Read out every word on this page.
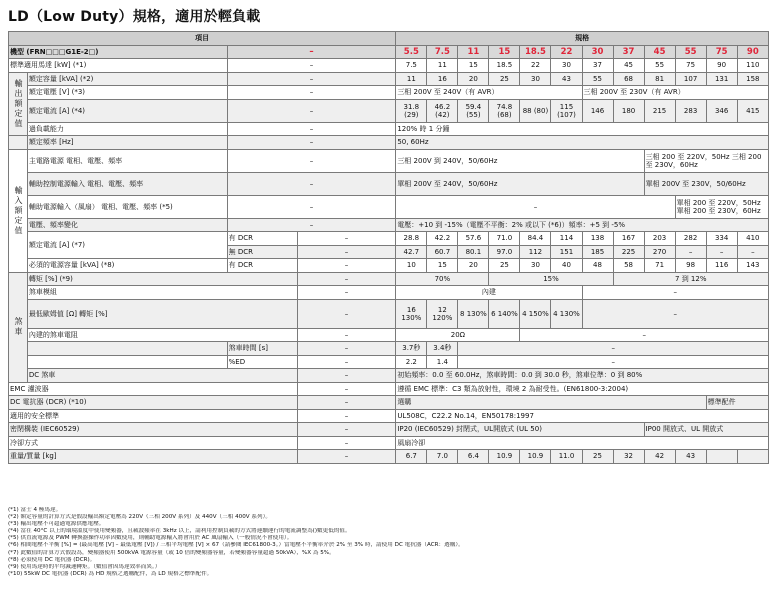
LD（Low Duty）規格，適用於輕負載
項目				規格											
機型 (FRN□□□G1E-2□)		–		5.5	7.5	11	15	18.5	22	30	37	45	55	75	90
標準適用馬達 [kW] (*1)		–		7.5	11	15	18.5	22	30	37	45	55	75	90	110
輸出額定值	額定容量 [kVA] (*2)	–		11	16	20	25	30	43	55	68	81	107	131	158
	額定電壓 [V] (*3)	–		三相 200V 至 240V（有 AVR）						三相 200V 至 230V（有 AVR）					
	額定電流 [A] (*4)	–		31.8 (29)	46.2 (42)	59.4 (55)	74.8 (68)	88 (80)	115 (107)	146	180	215	283	346	415
	過負載能力	–		120% 時 1 分鐘											
	額定頻率 [Hz]	–		50, 60Hz											
輸入額定值	主電路電源 電相、電壓、頻率	–		三相 200V 到 240V，50/60Hz								三相 200 至 220V，50Hz 三相 200 至 230V，60Hz			
	輔助控制電源輸入 電相、電壓、頻率	–		單相 200V 至 240V，50/60Hz								單相 200V 至 230V，50/60Hz			
	輔助電源輸入（風扇） 電相、電壓、頻率 (*5)	–		–									單相 200 至 220V，50Hz 單相 200 至 230V，60Hz		
	電壓、頻率變化	–		電壓：+10 到 -15%（電壓不平衡：2% 或以下 (*6)）頻率：+5 到 -5%											
	額定電流 [A] (*7)	有 DCR	–	28.8	42.2	57.6	71.0	84.4	114	138	167	203	282	334	410
		無 DCR	–	42.7	60.7	80.1	97.0	112	151	185	225	270	–	–	–
	必須的電源容量 [kVA] (*8)	有 DCR	–	10	15	20	25	30	40	48	58	71	98	116	143
煞車	轉矩 [%] (*9)		–	70%			15%				7 到 12%				
	煞車模組		–	內建						–					
	最低歐姆值 [Ω] 轉矩 [%]		–	16 130%	12 120%	8 130%	6 140%	4 150%	4 130%	–					
	內建的煞車電阻		–	20Ω				–							
		煞車時間 [s]	–	3.7秒	3.4秒	–									
		%ED	–	2.2	1.4	–									
	DC 煞車		–	初始頻率：0.0 至 60.0Hz，煞車時間：0.0 到 30.0 秒，煞車位準：0 到 80%											
EMC 濾波器			–	遵循 EMC 標準：C3 類為放射性，環境 2 為耐受性。(EN61800-3:2004)											
DC 電抗器 (DCR) (*10)			–	選購										標準配件	
適用的安全標準			–	UL508C，C22.2 No.14，EN50178:1997											
密閉構裝 (IEC60529)			–	IP20 (IEC60529) 封閉式，UL開放式 (UL 50)								IP00 開放式、UL 開放式			
冷卻方式			–	風扇冷卻											
重量/質量 [kg]			–	6.7	7.0	6.4	10.9	10.9	11.0	25	32	42	43		
(*1) 富士 4 極馬達。
(*2) 額定容量的計算方式是假設輸出額定電壓為 220V（三相 200V 系列）及 440V（三相 400V 系列）。
(*3) 輸出電壓不可超過電源供應電壓。
(*4) 當在 40°C 以上的環境溫度中使用變頻器，且載波頻率在 3kHz 以上，請利用控制負載的方式將連續運行的電流調整為()數更低的值。
(*5) 供直流電源及 PWM 轉換器操作功率因數使用，則輔助電源輸入將會用於 AC 風扇輸入（一般情況不會使用）。
(*6) 相間電壓不平衡 [%] = (最高電壓 [V] – 最低電壓 [V]) / 三相平均電壓 [V] × 67（請參閱 IEC61800-3。）當電壓不平衡率介於 2% 至 3% 時，請使用 DC 電抗器（ACR：選購）。
(*7) 此數值的計算方式假設為，變頻器使用 500kVA 電源容量（或 10 倍的變頻器容量，若變頻器容量超過 50kVA），%X 為 5%。
(*8) 必須使用 DC 電抗器 (DCR)。
(*9) 使用馬達時的平均減速轉矩。（數值會因馬達效率而異。）
(*10) 55kW DC 電抗器 (DCR) 為 HD 規格之選購配件，為 LD 規格之標準配件。
